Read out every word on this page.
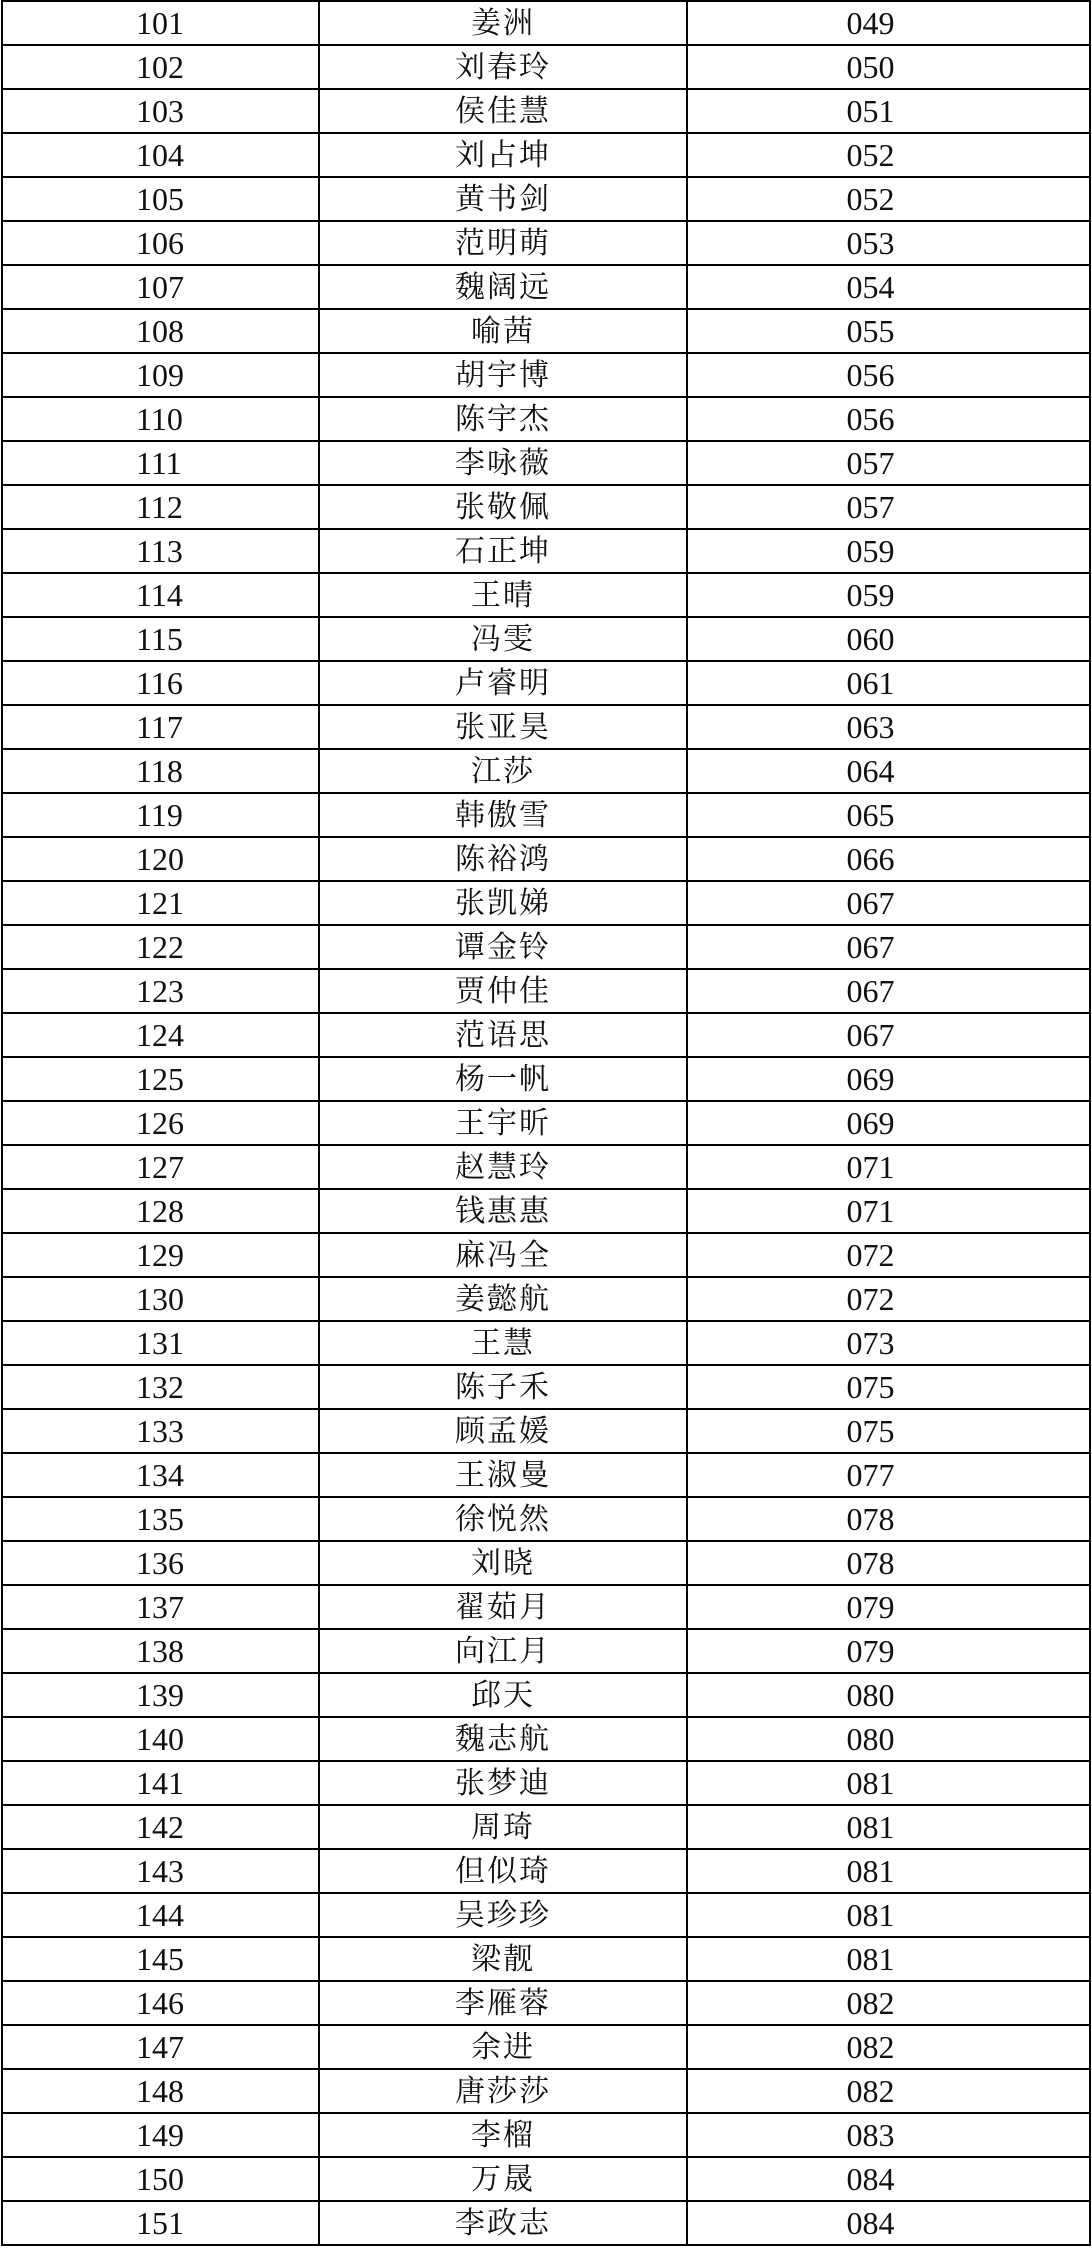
101	姜洲	049
102	刘春玲	050
103	侯佳慧	051
104	刘占坤	052
105	黄书剑	052
106	范明萌	053
107	魏阔远	054
108	喻茜	055
109	胡宇博	056
110	陈宇杰	056
111	李咏薇	057
112	张敬佩	057
113	石正坤	059
114	王晴	059
115	冯雯	060
116	卢睿明	061
117	张亚昊	063
118	江莎	064
119	韩傲雪	065
120	陈裕鸿	066
121	张凯娣	067
122	谭金铃	067
123	贾仲佳	067
124	范语思	067
125	杨一帆	069
126	王宇昕	069
127	赵慧玲	071
128	钱惠惠	071
129	麻冯全	072
130	姜懿航	072
131	王慧	073
132	陈子禾	075
133	顾孟媛	075
134	王淑曼	077
135	徐悦然	078
136	刘晓	078
137	翟茹月	079
138	向江月	079
139	邱天	080
140	魏志航	080
141	张梦迪	081
142	周琦	081
143	但似琦	081
144	吴珍珍	081
145	梁靓	081
146	李雁蓉	082
147	余进	082
148	唐莎莎	082
149	李榴	083
150	万晟	084
151	李政志	084
